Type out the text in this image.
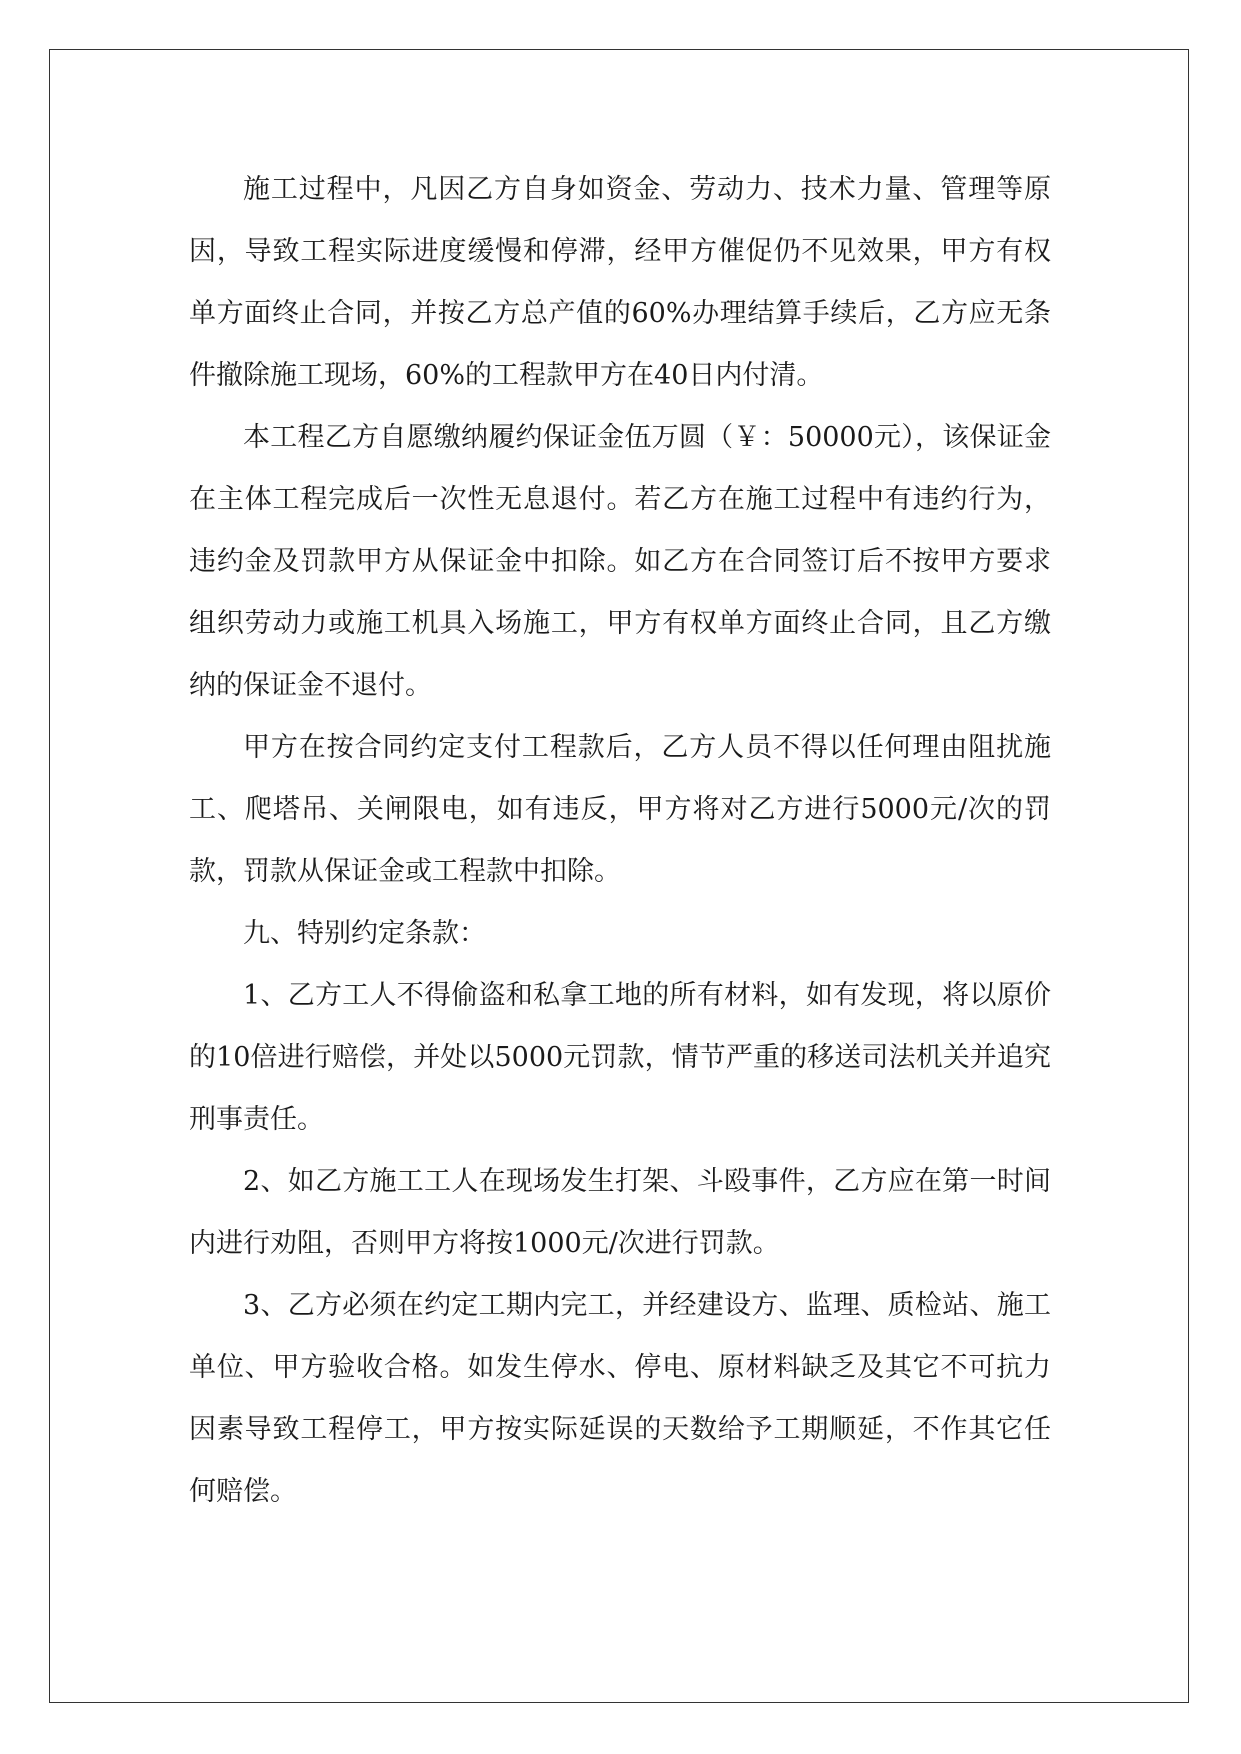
施工过程中，凡因乙方自身如资金、劳动力、技术力量、管理等原因，导致工程实际进度缓慢和停滞，经甲方催促仍不见效果，甲方有权单方面终止合同，并按乙方总产值的60%办理结算手续后，乙方应无条件撤除施工现场，60%的工程款甲方在40日内付清。

本工程乙方自愿缴纳履约保证金伍万圆（￥：50000元），该保证金在主体工程完成后一次性无息退付。若乙方在施工过程中有违约行为，违约金及罚款甲方从保证金中扣除。如乙方在合同签订后不按甲方要求组织劳动力或施工机具入场施工，甲方有权单方面终止合同，且乙方缴纳的保证金不退付。

甲方在按合同约定支付工程款后，乙方人员不得以任何理由阻扰施工、爬塔吊、关闸限电，如有违反，甲方将对乙方进行5000元/次的罚款，罚款从保证金或工程款中扣除。

九、特别约定条款：

1、乙方工人不得偷盗和私拿工地的所有材料，如有发现，将以原价的10倍进行赔偿，并处以5000元罚款，情节严重的移送司法机关并追究刑事责任。

2、如乙方施工工人在现场发生打架、斗殴事件，乙方应在第一时间内进行劝阻，否则甲方将按1000元/次进行罚款。

3、乙方必须在约定工期内完工，并经建设方、监理、质检站、施工单位、甲方验收合格。如发生停水、停电、原材料缺乏及其它不可抗力因素导致工程停工，甲方按实际延误的天数给予工期顺延，不作其它任何赔偿。
